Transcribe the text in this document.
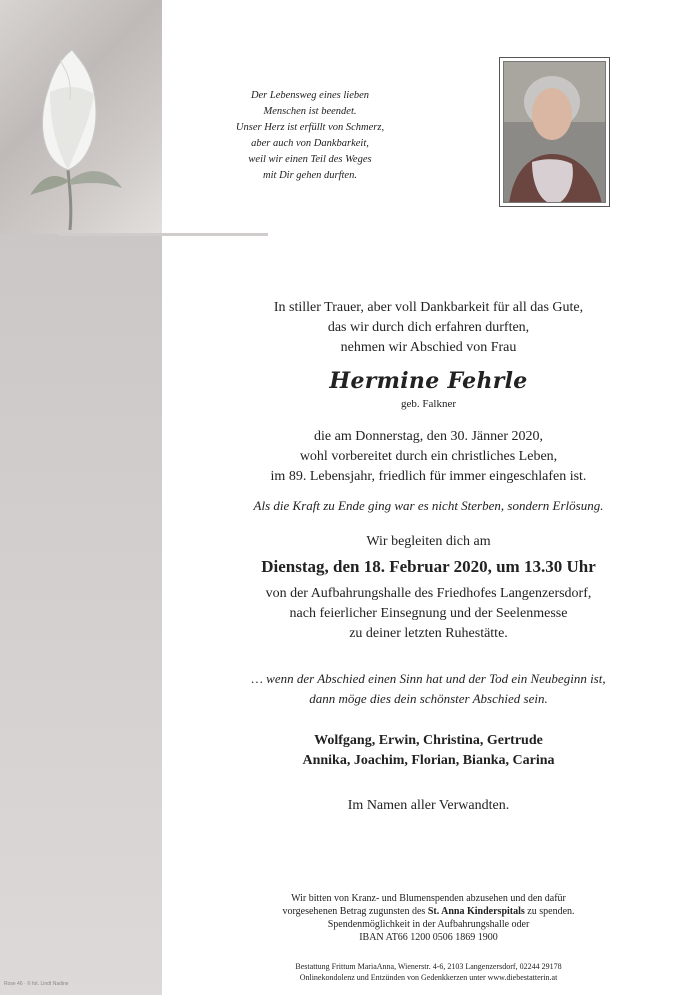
Der Lebensweg eines lieben
Menschen ist beendet.
Unser Herz ist erfüllt von Schmerz,
aber auch von Dankbarkeit,
weil wir einen Teil des Weges
mit Dir gehen durften.
In stiller Trauer, aber voll Dankbarkeit für all das Gute,
das wir durch dich erfahren durften,
nehmen wir Abschied von Frau
Hermine Fehrle
geb. Falkner
die am Donnerstag, den 30. Jänner 2020,
wohl vorbereitet durch ein christliches Leben,
im 89. Lebensjahr, friedlich für immer eingeschlafen ist.
Als die Kraft zu Ende ging war es nicht Sterben, sondern Erlösung.
Wir begleiten dich am
Dienstag, den 18. Februar 2020, um 13.30 Uhr
von der Aufbahrungshalle des Friedhofes Langenzersdorf,
nach feierlicher Einsegnung und der Seelenmesse
zu deiner letzten Ruhestätte.
… wenn der Abschied einen Sinn hat und der Tod ein Neubeginn ist,
dann möge dies dein schönster Abschied sein.
Wolfgang, Erwin, Christina, Gertrude
Annika, Joachim, Florian, Bianka, Carina
Im Namen aller Verwandten.
Wir bitten von Kranz- und Blumenspenden abzusehen und den dafür
vorgesehenen Betrag zugunsten des St. Anna Kinderspitals zu spenden.
Spendenmöglichkeit in der Aufbahrungshalle oder
IBAN AT66 1200 0506 1869 1900
Bestattung Frittum MariaAnna, Wienerstr. 4-6, 2103 Langenzersdorf, 02244 29178
Onlinekondolenz und Entzünden von Gedenkkerzen unter www.diebestatterin.at
Rose 46 · © fot. Lindt Nadine
